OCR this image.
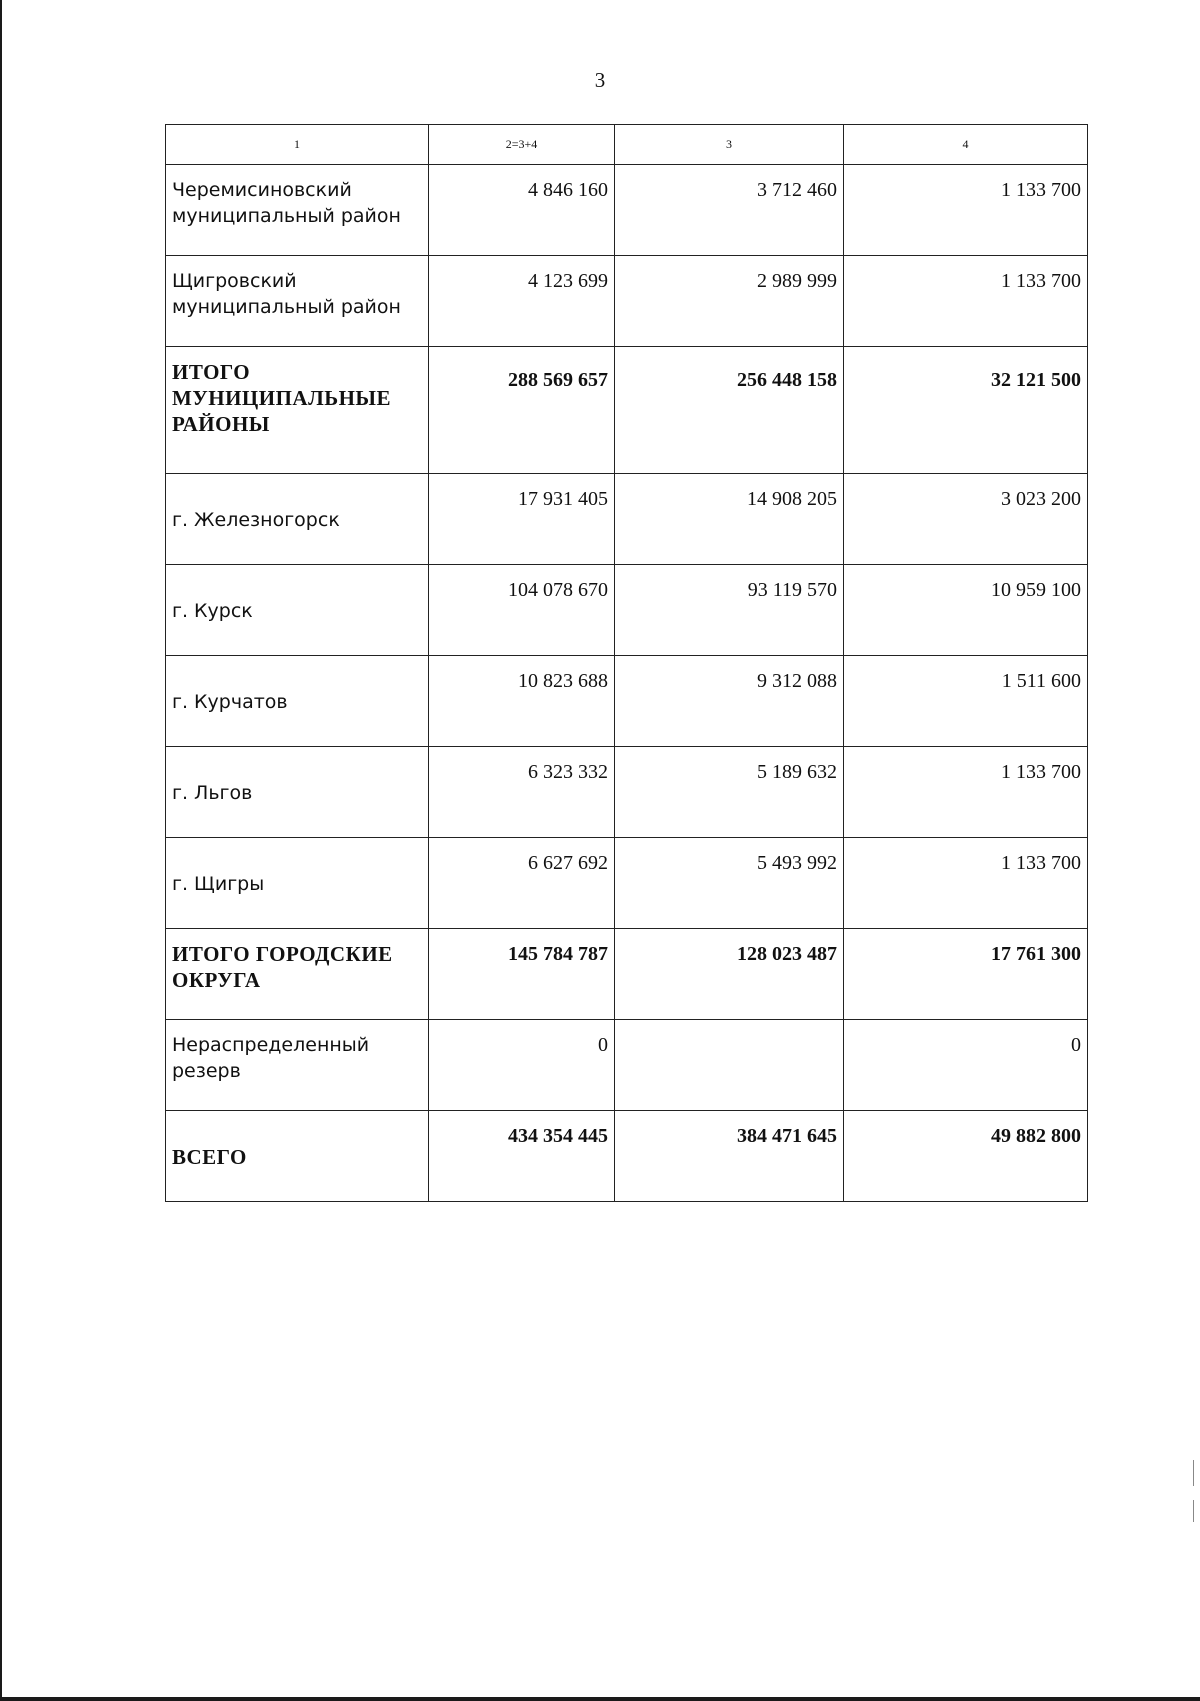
3
1	2=3+4	3	4
Черемисиновский муниципальный район	4 846 160	3 712 460	1 133 700
Щигровский муниципальный район	4 123 699	2 989 999	1 133 700
ИТОГО МУНИЦИПАЛЬНЫЕ РАЙОНЫ	288 569 657	256 448 158	32 121 500
г. Железногорск	17 931 405	14 908 205	3 023 200
г. Курск	104 078 670	93 119 570	10 959 100
г. Курчатов	10 823 688	9 312 088	1 511 600
г. Льгов	6 323 332	5 189 632	1 133 700
г. Щигры	6 627 692	5 493 992	1 133 700
ИТОГО ГОРОДСКИЕ ОКРУГА	145 784 787	128 023 487	17 761 300
Нераспределенный резерв	0		0
ВСЕГО	434 354 445	384 471 645	49 882 800
